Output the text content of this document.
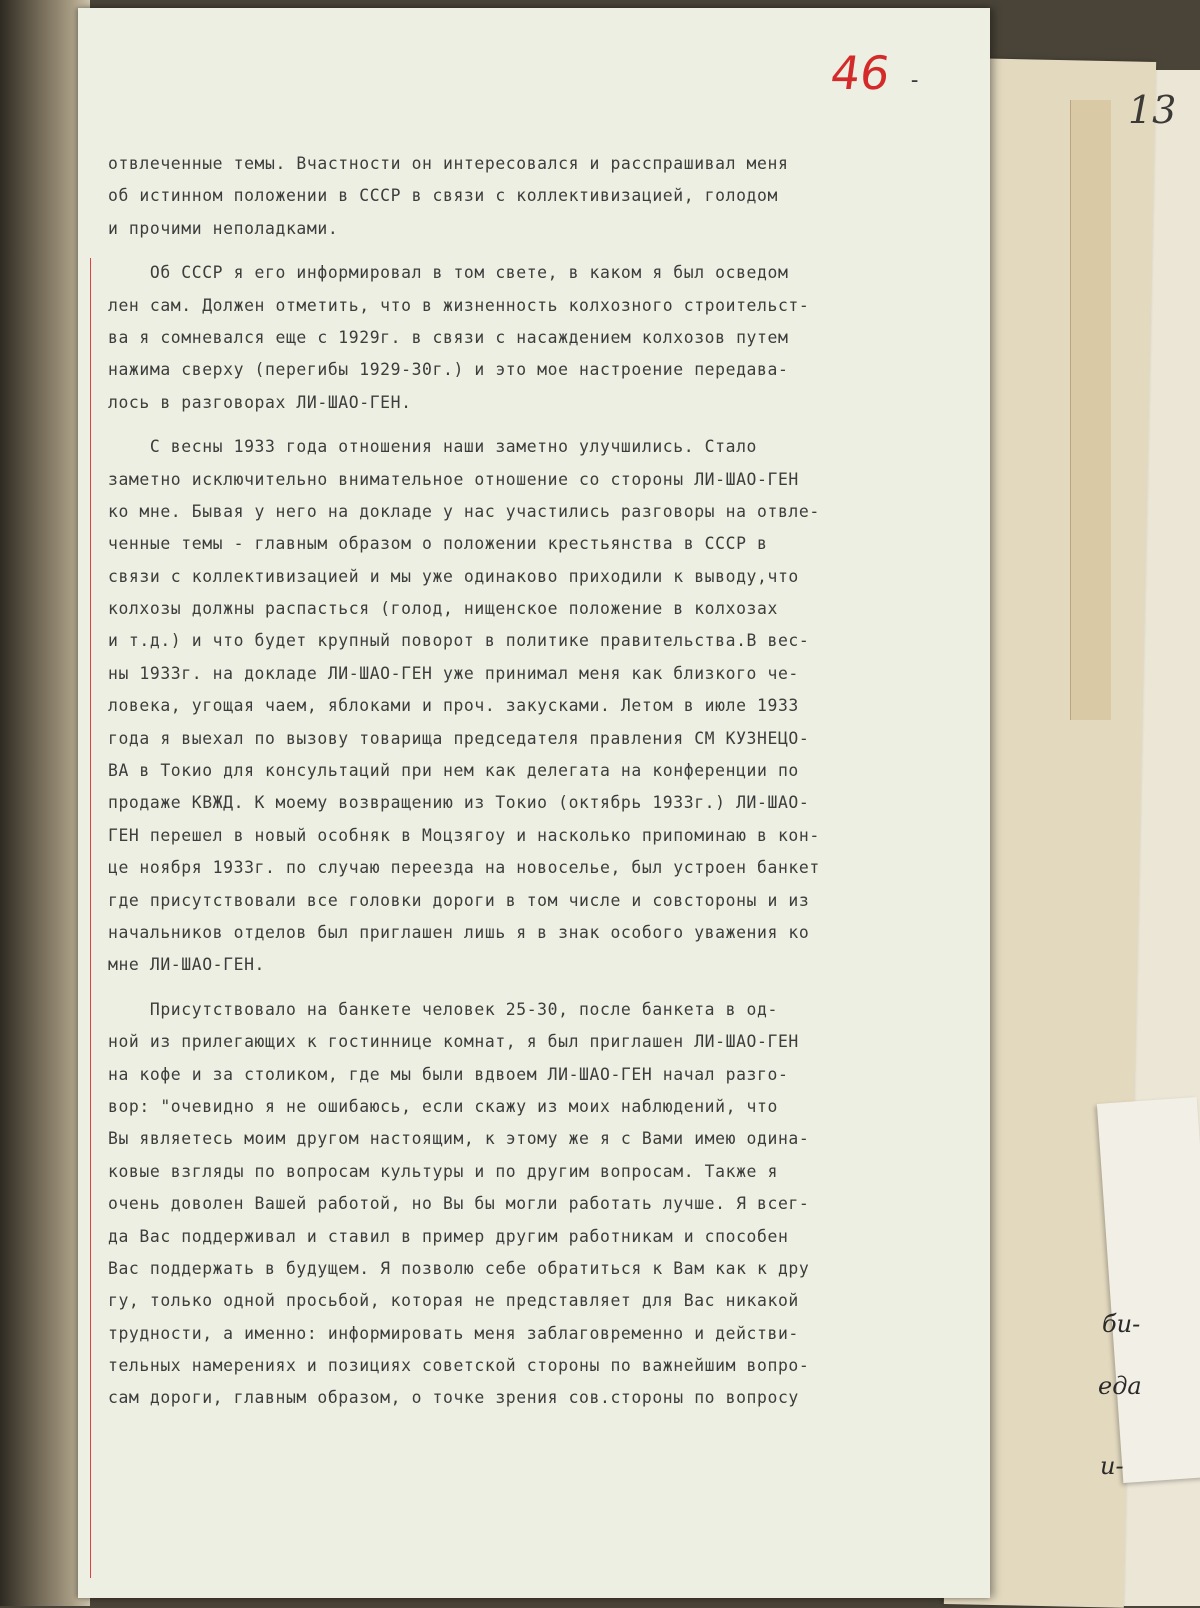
13
би-
еда
и-
46 -
отвлеченные темы. Вчастности он интересовался и расспрашивал меня
об истинном положении в СССР в связи с коллективизацией, голодом
и прочими неполадками.
Об СССР я его информировал в том свете, в каком я был осведом
лен сам. Должен отметить, что в жизненность колхозного строительст-
ва я сомневался еще с 1929г. в связи с насаждением колхозов путем
нажима сверху (перегибы 1929-30г.) и это мое настроение передава-
лось в разговорах ЛИ-ШАО-ГЕН.
С весны 1933 года отношения наши заметно улучшились. Стало
заметно исключительно внимательное отношение со стороны ЛИ-ШАО-ГЕН
ко мне. Бывая у него на докладе у нас участились разговоры на отвле-
ченные темы - главным образом о положении крестьянства в СССР в
связи с коллективизацией и мы уже одинаково приходили к выводу,что
колхозы должны распасться (голод, нищенское положение в колхозах
и т.д.) и что будет крупный поворот в политике правительства.В вес-
ны 1933г. на докладе ЛИ-ШАО-ГЕН уже принимал меня как близкого че-
ловека, угощая чаем, яблоками и проч. закусками. Летом в июле 1933
года я выехал по вызову товарища председателя правления СМ КУЗНЕЦО-
ВА в Токио для консультаций при нем как делегата на конференции по
продаже КВЖД. К моему возвращению из Токио (октябрь 1933г.) ЛИ-ШАО-
ГЕН перешел в новый особняк в Моцзягоу и насколько припоминаю в кон-
це ноября 1933г. по случаю переезда на новоселье, был устроен банкет
где присутствовали все головки дороги в том числе и совстороны и из
начальников отделов был приглашен лишь я в знак особого уважения ко
мне ЛИ-ШАО-ГЕН.
Присутствовало на банкете человек 25-30, после банкета в од-
ной из прилегающих к гостиннице комнат, я был приглашен ЛИ-ШАО-ГЕН
на кофе и за столиком, где мы были вдвоем ЛИ-ШАО-ГЕН начал разго-
вор: "очевидно я не ошибаюсь, если скажу из моих наблюдений, что
Вы являетесь моим другом настоящим, к этому же я с Вами имею одина-
ковые взгляды по вопросам культуры и по другим вопросам. Также я
очень доволен Вашей работой, но Вы бы могли работать лучше. Я всег-
да Вас поддерживал и ставил в пример другим работникам и способен
Вас поддержать в будущем. Я позволю себе обратиться к Вам как к дру
гу, только одной просьбой, которая не представляет для Вас никакой
трудности, а именно: информировать меня заблаговременно и действи-
тельных намерениях и позициях советской стороны по важнейшим вопро-
сам дороги, главным образом, о точке зрения сов.стороны по вопросу
